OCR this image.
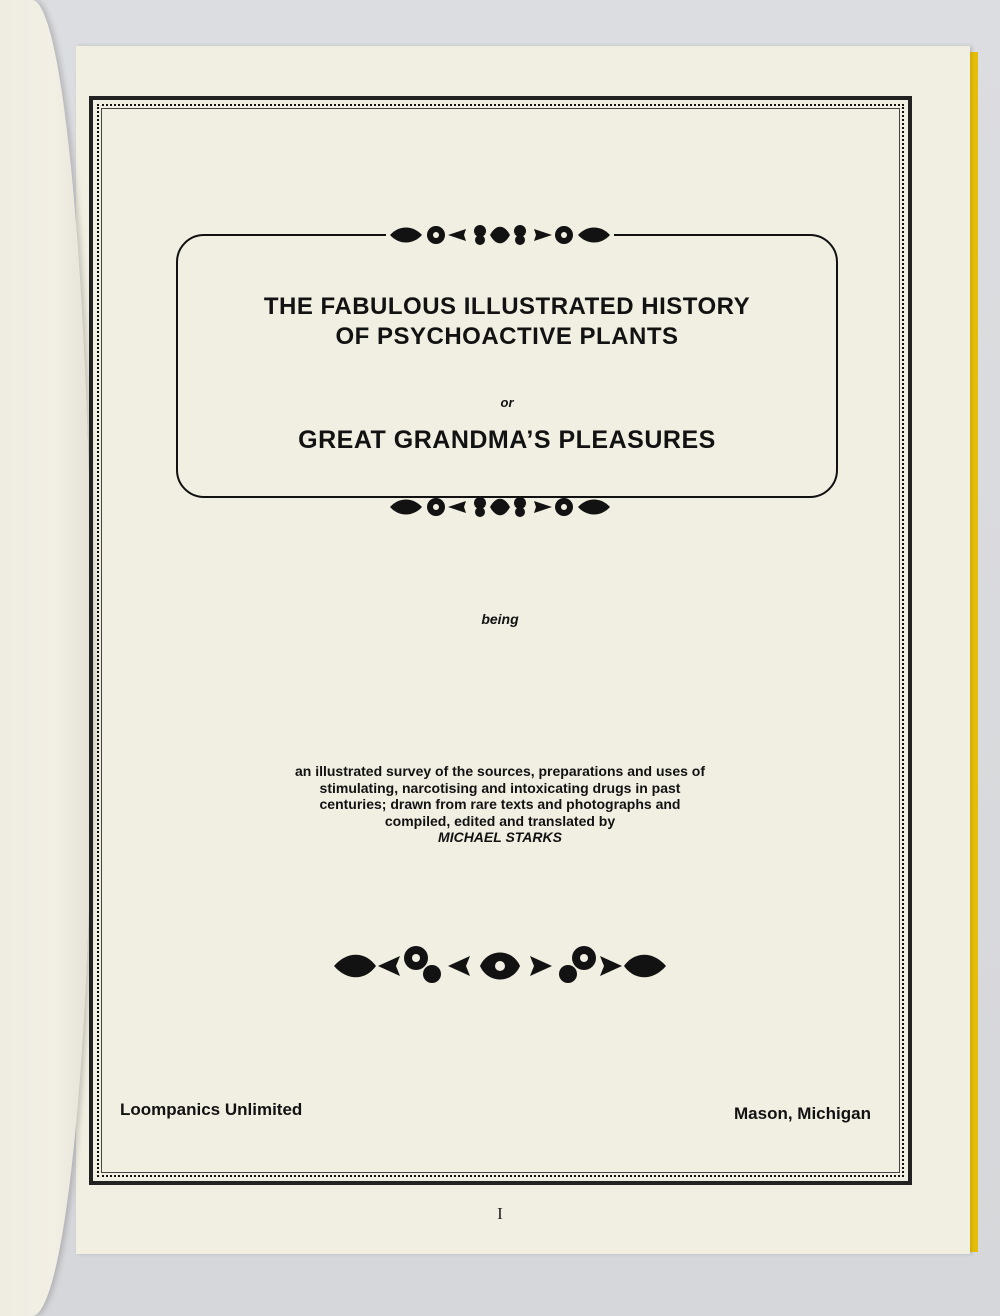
THE FABULOUS ILLUSTRATED HISTORY
OF PSYCHOACTIVE PLANTS
or
GREAT GRANDMA’S PLEASURES
being
an illustrated survey of the sources, preparations and uses of
stimulating, narcotising and intoxicating drugs in past
centuries; drawn from rare texts and photographs and
compiled, edited and translated by
MICHAEL STARKS
Loompanics Unlimited	Mason, Michigan
I
